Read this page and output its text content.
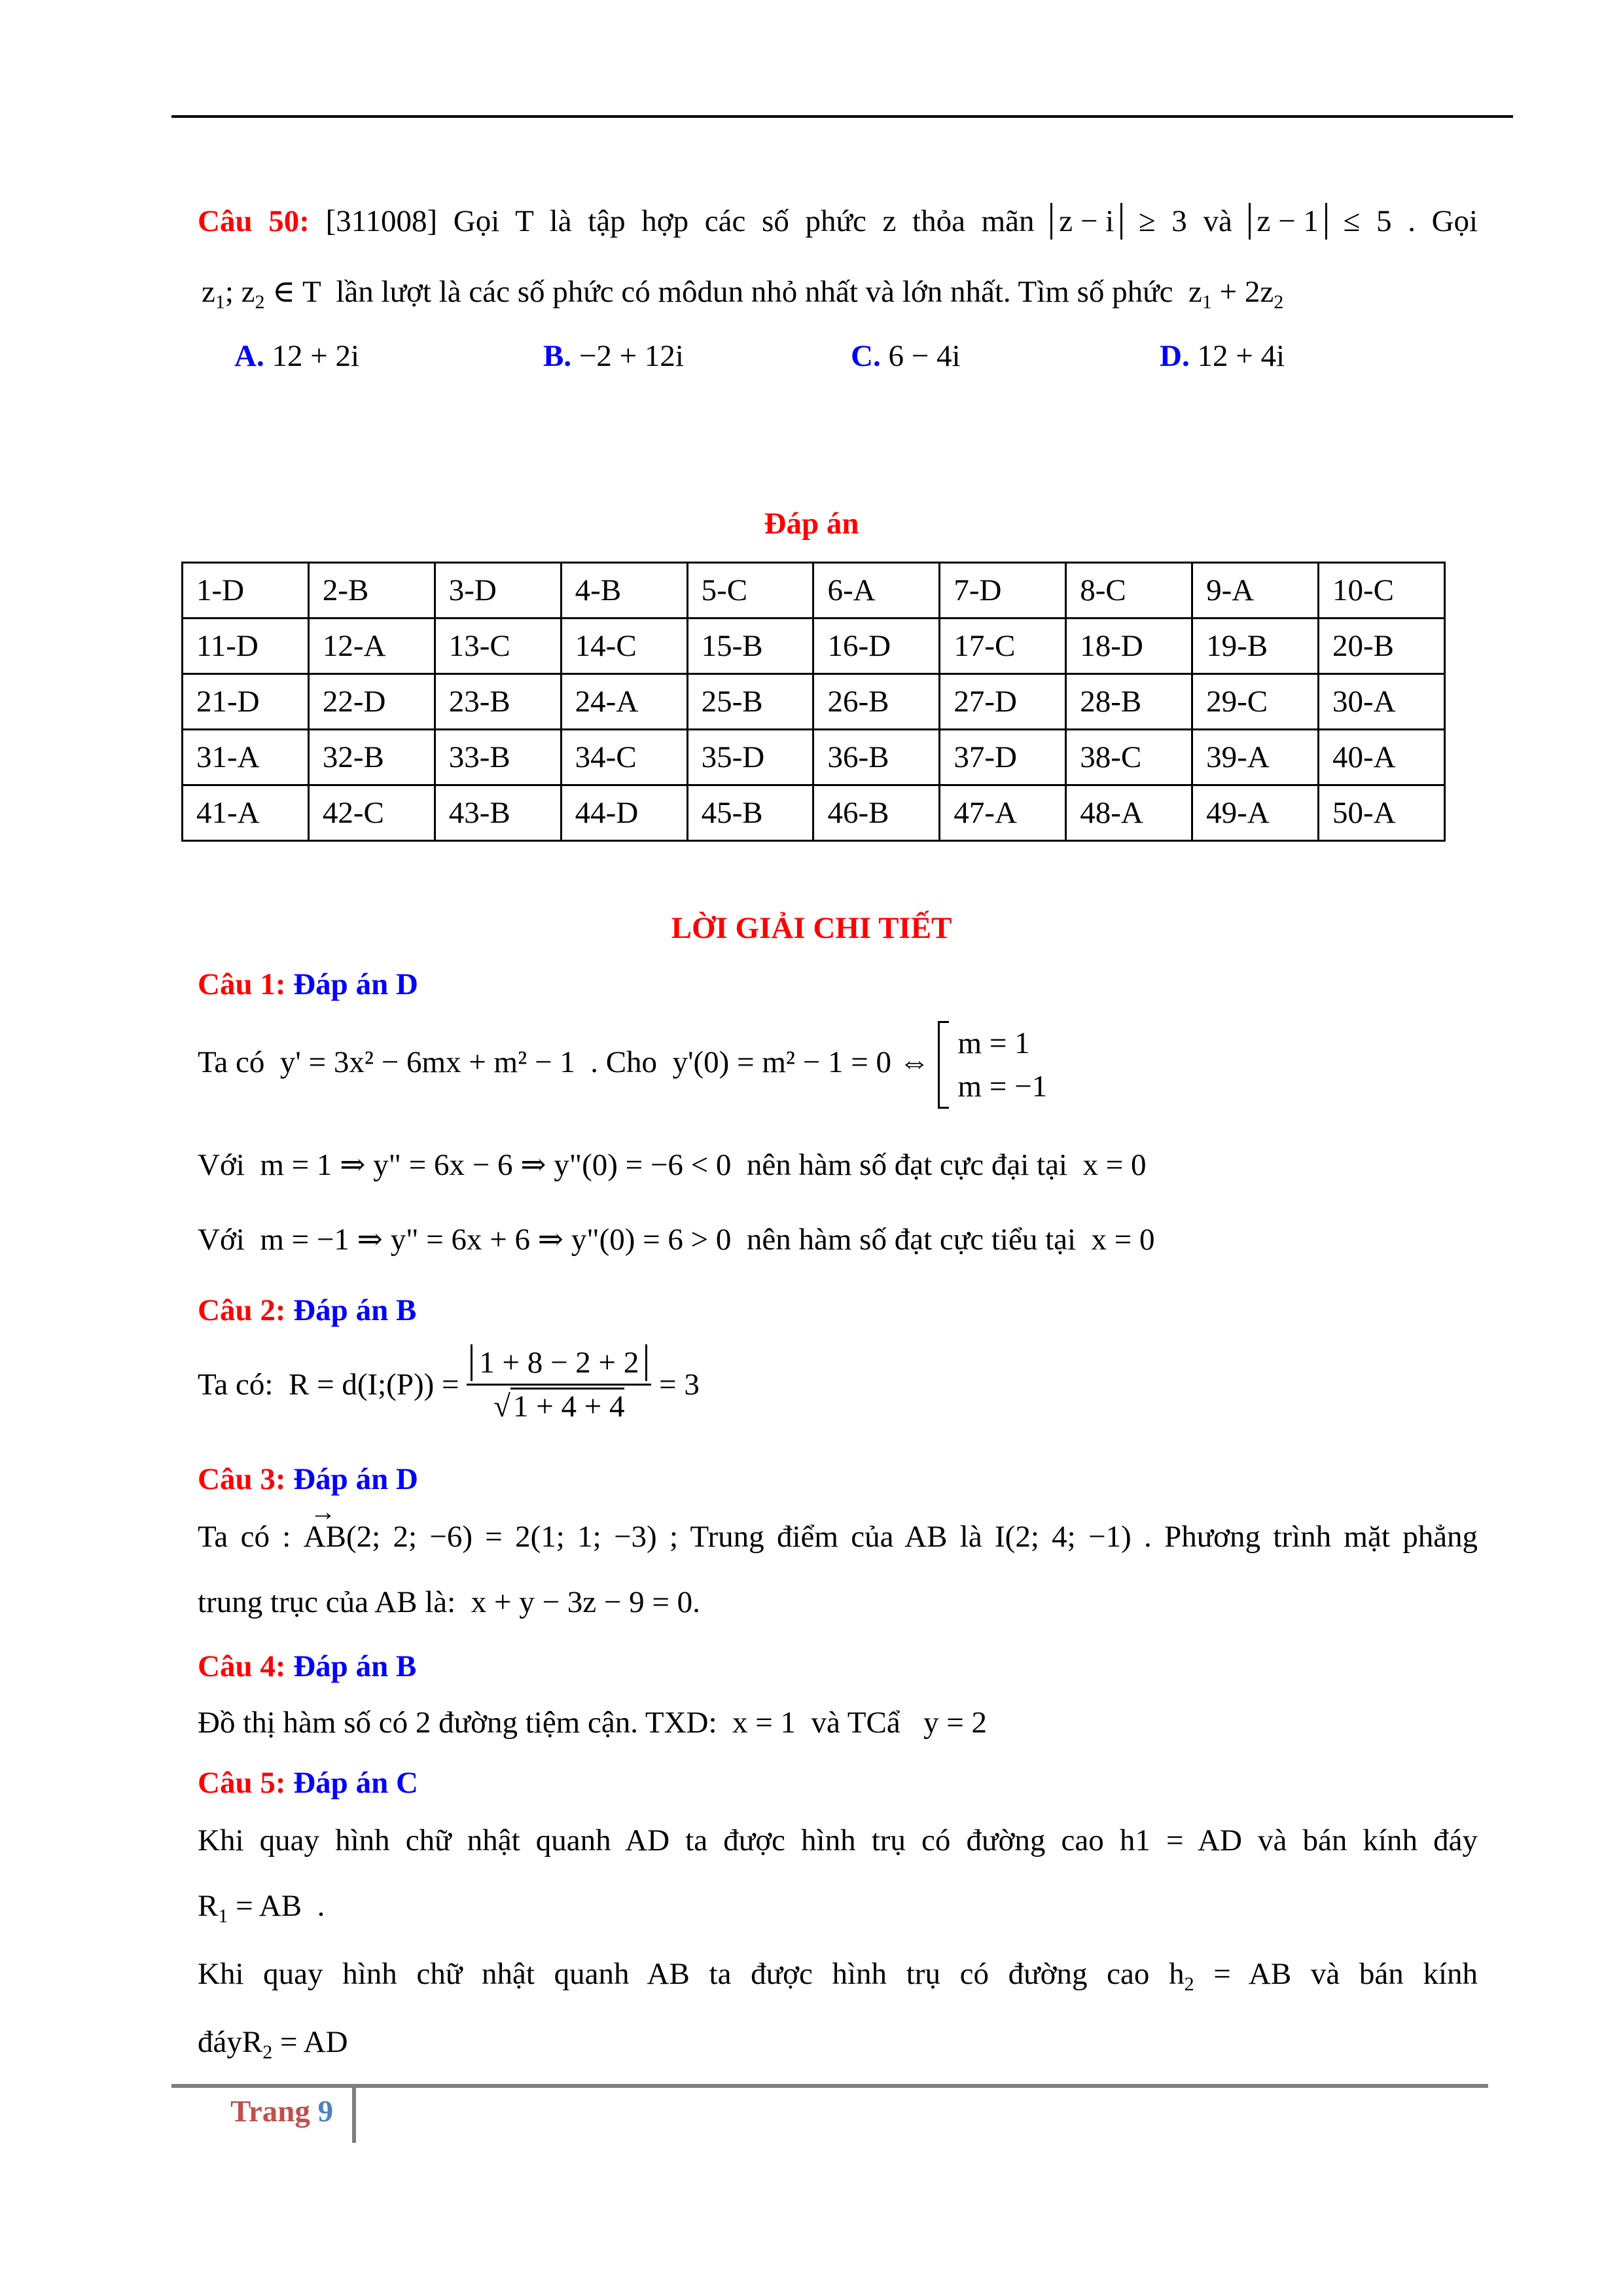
Câu 50: [311008] Gọi T là tập hợp các số phức z thỏa mãn z − i ≥ 3 và z − 1 ≤ 5 . Gọi
$z_1$; $z_2$ ∈ T lần lượt là các số phức có môdun nhỏ nhất và lớn nhất. Tìm số phức $z_1 + 2z_2$
A. 12 + 2i	B. −2 + 12i	C. 6 − 4i	D. 12 + 4i
Đáp án
1-D	2-B	3-D	4-B	5-C	6-A	7-D	8-C	9-A	10-C
11-D	12-A	13-C	14-C	15-B	16-D	17-C	18-D	19-B	20-B
21-D	22-D	23-B	24-A	25-B	26-B	27-D	28-B	29-C	30-A
31-A	32-B	33-B	34-C	35-D	36-B	37-D	38-C	39-A	40-A
41-A	42-C	43-B	44-D	45-B	46-B	47-A	48-A	49-A	50-A
LỜI GIẢI CHI TIẾT
Câu 1: Đáp án D
Ta có y' = 3x² − 6mx + m² − 1 . Cho y'(0) = m² − 1 = 0 ⇔ m = 1
m = −1
Với m = 1 ⇒ y" = 6x − 6 ⇒ y"(0) = −6 < 0 nên hàm số đạt cực đại tại x = 0
Với m = −1 ⇒ y" = 6x + 6 ⇒ y"(0) = 6 > 0 nên hàm số đạt cực tiểu tại x = 0
Câu 2: Đáp án B
Ta có: R = d(I;(P)) = $\frac{1 + 8 - 2 + 2}{√1 + 4 + 4} = 3$
Câu 3: Đáp án D
Ta có : → AB(2; 2; −6) = 2(1; 1; −3) ; Trung điểm của AB là I(2; 4; −1) . Phương trình mặt phẳng
trung trục của AB là: x + y − 3z − 9 = 0.
Câu 4: Đáp án B
Đồ thị hàm số có 2 đường tiệm cận. TXD: x = 1 và TCẩ y = 2
Câu 5: Đáp án C
Khi quay hình chữ nhật quanh AD ta được hình trụ có đường cao h1 = AD và bán kính đáy
$R_1$ = AB .
Khi quay hình chữ nhật quanh AB ta được hình trụ có đường cao $h_2$ = AB và bán kính
đáyR$_2$ = AD
Trang 9
